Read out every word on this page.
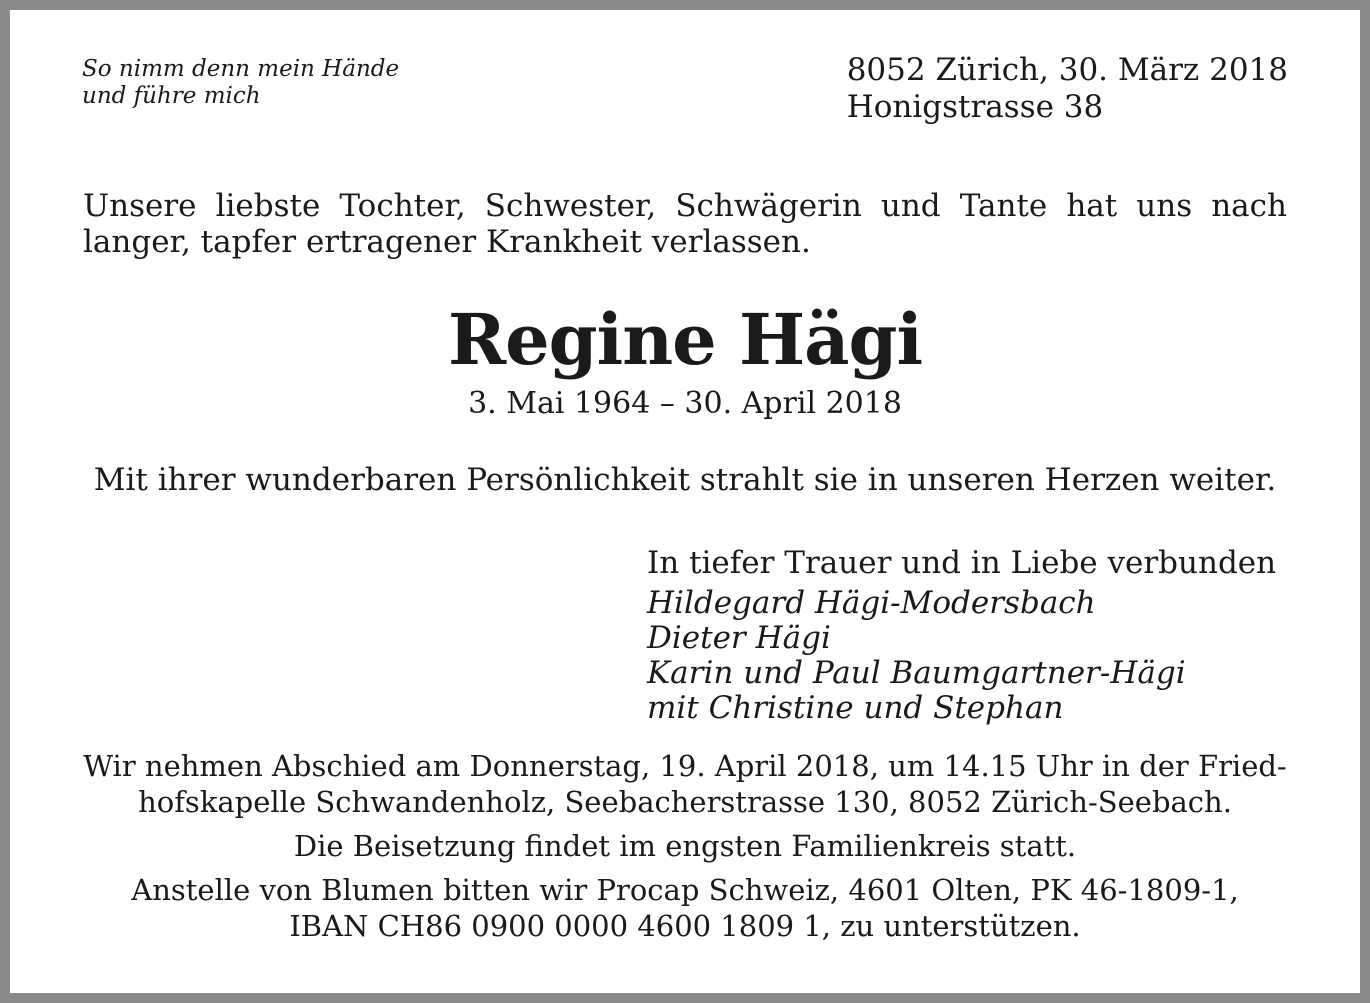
So nimm denn mein Hände
und führe mich
8052 Zürich, 30. März 2018
Honigstrasse 38
Unsere liebste Tochter, Schwester, Schwägerin und Tante hat uns nach langer, tapfer ertragener Krankheit verlassen.
Regine Hägi
3. Mai 1964 – 30. April 2018
Mit ihrer wunderbaren Persönlichkeit strahlt sie in unseren Herzen weiter.
In tiefer Trauer und in Liebe verbunden
Hildegard Hägi-Modersbach
Dieter Hägi
Karin und Paul Baumgartner-Hägi
mit Christine und Stephan

Wir nehmen Abschied am Donnerstag, 19. April 2018, um 14.15 Uhr in der Fried-
hofskapelle Schwandenholz, Seebacherstrasse 130, 8052 Zürich-Seebach.

Die Beisetzung findet im engsten Familienkreis statt.

Anstelle von Blumen bitten wir Procap Schweiz, 4601 Olten, PK 46-1809-1,
IBAN CH86 0900 0000 4600 1809 1, zu unterstützen.
